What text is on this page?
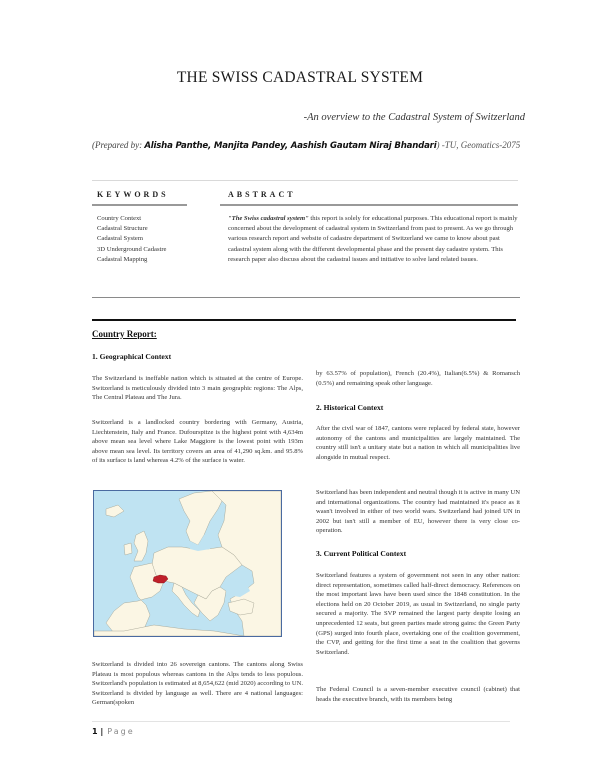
THE SWISS CADASTRAL SYSTEM
-An overview to the Cadastral System of Switzerland
(Prepared by: Alisha Panthe, Manjita Pandey, Aashish Gautam Niraj Bhandari) -TU, Geomatics-2075
KEYWORDS	ABSTRACT
Country Context
Cadastral Structure
Cadastral System
3D Underground Cadastre
Cadastral Mapping
"The Swiss cadastral system" this report is solely for educational purposes. This educational report is mainly concerned about the development of cadastral system in Switzerland from past to present. As we go through various research report and website of cadastre department of Switzerland we came to know about past cadastral system along with the different developmental phase and the present day cadastre system. This research paper also discuss about the cadastral issues and initiative to solve land related issues.
Country Report:
1. Geographical Context
The Switzerland is ineffable nation which is situated at the centre of Europe. Switzerland is meticulously divided into 3 main geographic regions: The Alps, The Central Plateau and The Jura.
Switzerland is a landlocked country bordering with Germany, Austria, Liechtenstein, Italy and France. Dufourspitze is the highest point with 4,634m above mean sea level where Lake Maggiore is the lowest point with 193m above mean sea level. Its territory covers an area of 41,290 sq.km. and 95.8% of its surface is land whereas 4.2% of the surface is water.
Switzerland is divided into 26 sovereign cantons. The cantons along Swiss Plateau is most populous whereas cantons in the Alps tends to less populous. Switzerland's population is estimated at 8,654,622 (mid 2020) according to UN. Switzerland is divided by language as well. There are 4 national languages: German(spoken
by 63.57% of population), French (20.4%), Italian(6.5%) & Romansch (0.5%) and remaining speak other language.
2. Historical Context
After the civil war of 1847, cantons were replaced by federal state, however autonomy of the cantons and municipalities are largely maintained. The country still isn't a unitary state but a nation in which all municipalities live alongside in mutual respect.
Switzerland has been independent and neutral though it is active in many UN and international organizations. The country had maintained it's peace as it wasn't involved in either of two world wars. Switzerland had joined UN in 2002 but isn't still a member of EU, however there is very close co-operation.
3. Current Political Context
Switzerland features a system of government not seen in any other nation: direct representation, sometimes called half-direct democracy. References on the most important laws have been used since the 1848 constitution. In the elections held on 20 October 2019, as usual in Switzerland, no single party secured a majority. The SVP remained the largest party despite losing an unprecedented 12 seats, but green parties made strong gains: the Green Party (GPS) surged into fourth place, overtaking one of the coalition government, the CVP, and getting for the first time a seat in the coalition that governs Switzerland.
The Federal Council is a seven-member executive council (cabinet) that heads the executive branch, with its members being
1 | Page
